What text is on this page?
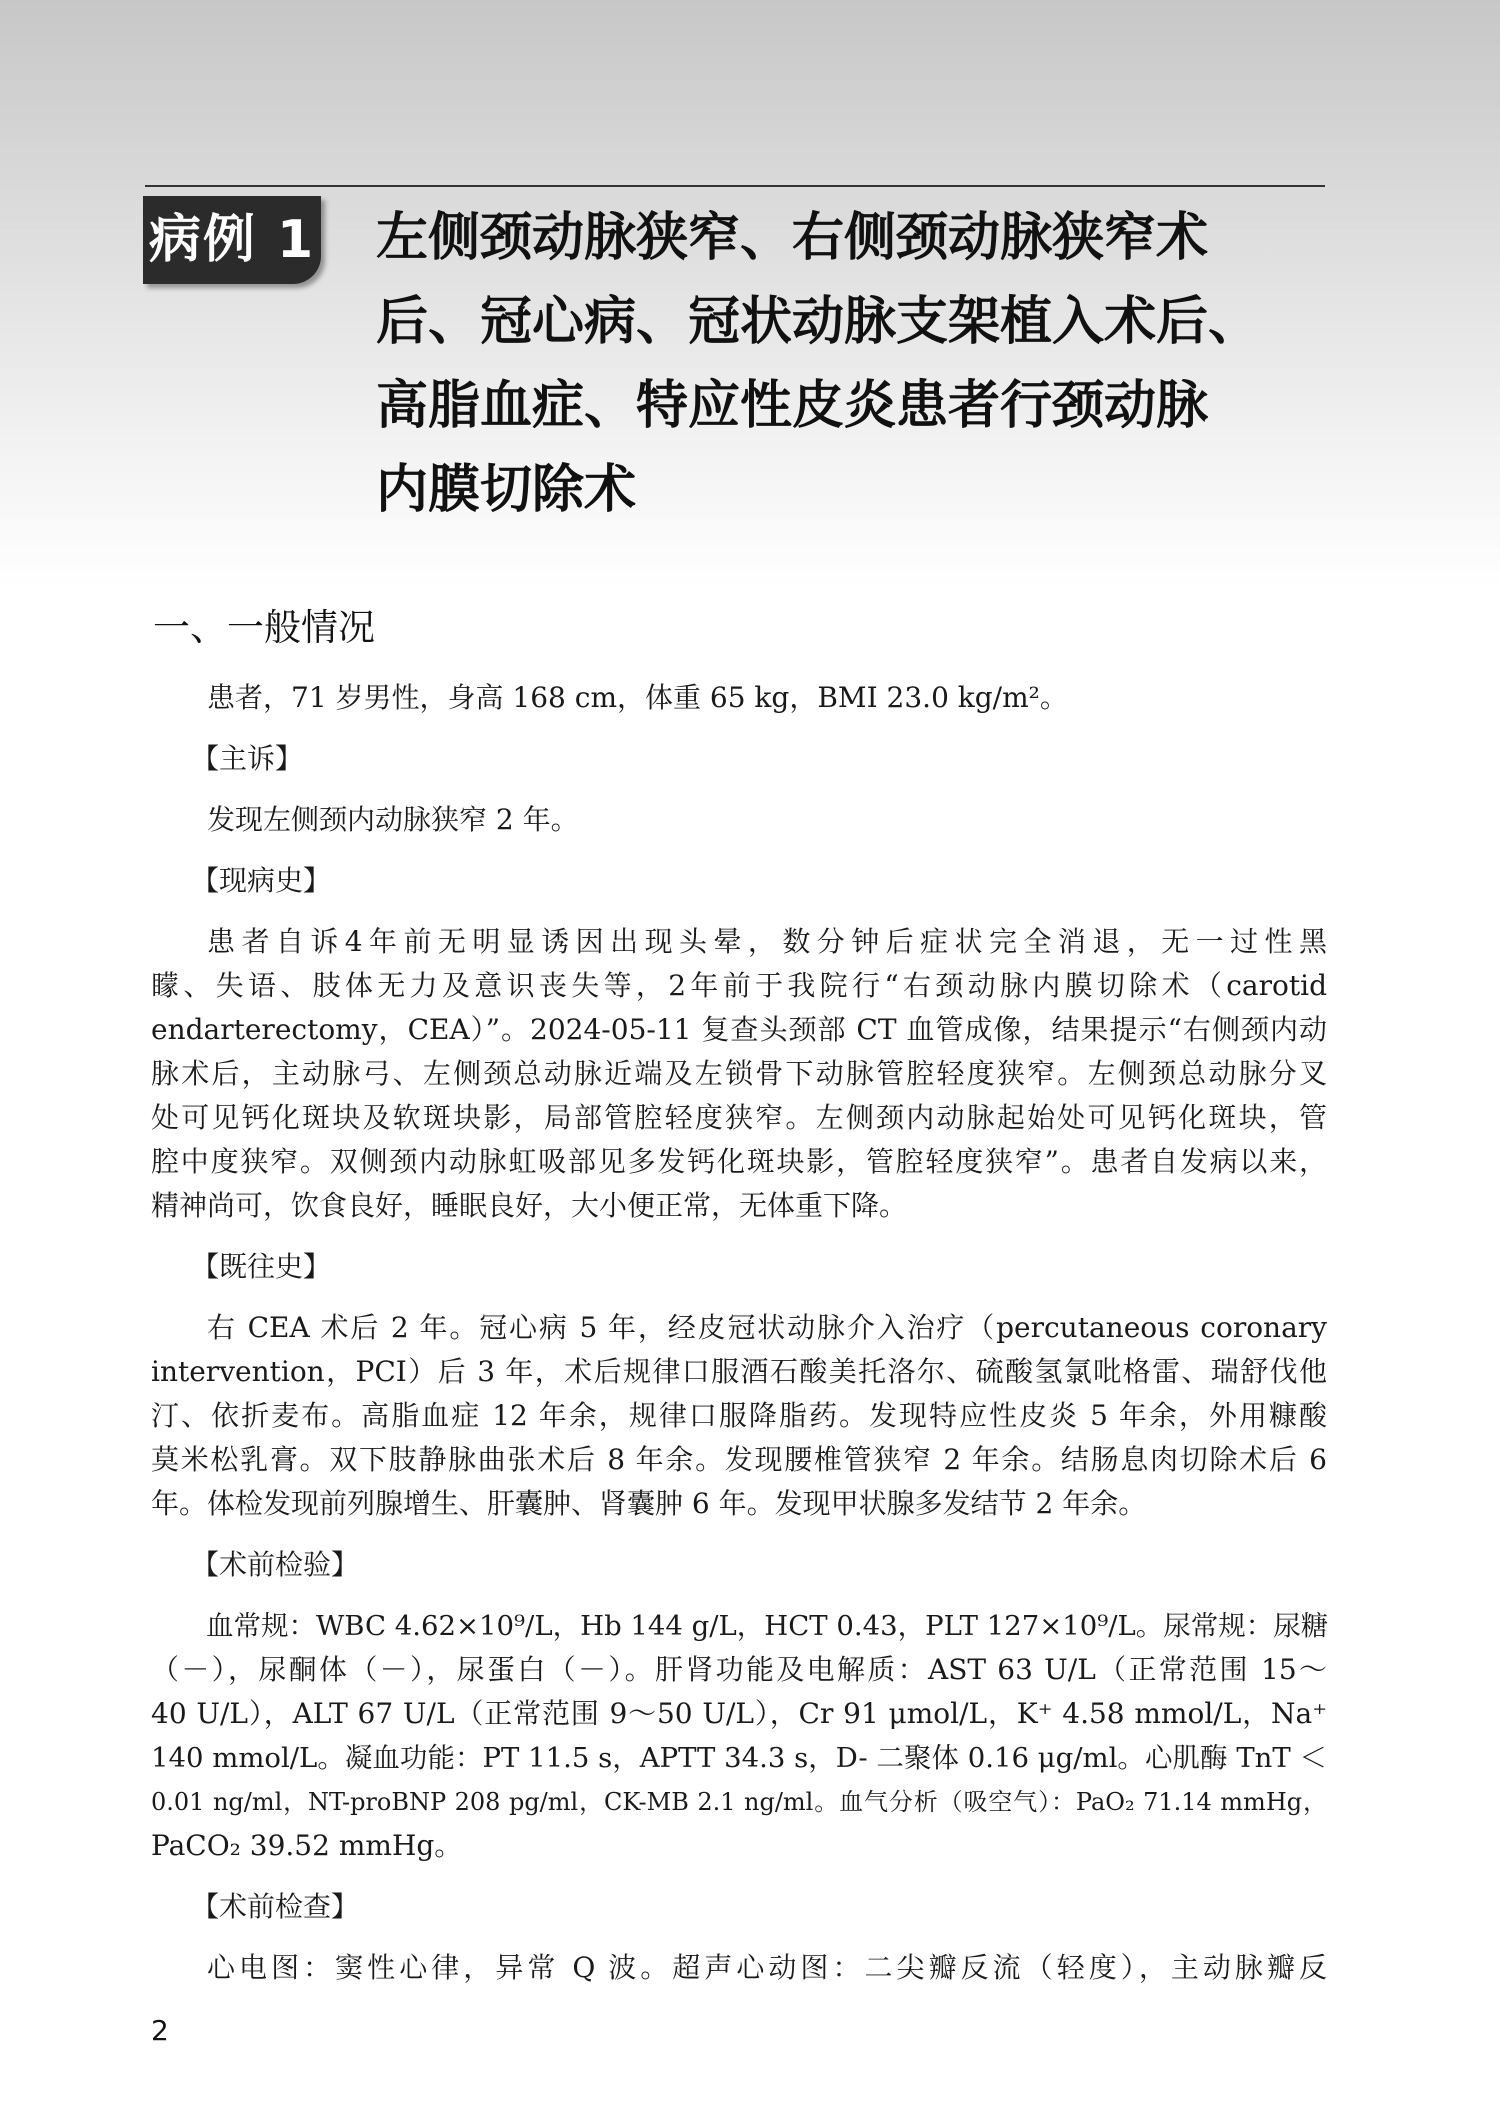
病例 1 左侧颈动脉狭窄、右侧颈动脉狭窄术
后、冠心病、冠状动脉支架植入术后、
高脂血症、特应性皮炎患者行颈动脉
内膜切除术
一、一般情况

患者，71 岁男性，身高 168 cm，体重 65 kg，BMI 23.0 kg/m²。

【主诉】

发现左侧颈内动脉狭窄 2 年。

【现病史】

患者自诉4年前无明显诱因出现头晕，数分钟后症状完全消退，无一过性黑
矇、失语、肢体无力及意识丧失等，2年前于我院行“右颈动脉内膜切除术（carotid
endarterectomy，CEA）”。2024-05-11 复查头颈部 CT 血管成像，结果提示“右侧颈内动
脉术后，主动脉弓、左侧颈总动脉近端及左锁骨下动脉管腔轻度狭窄。左侧颈总动脉分叉
处可见钙化斑块及软斑块影，局部管腔轻度狭窄。左侧颈内动脉起始处可见钙化斑块，管
腔中度狭窄。双侧颈内动脉虹吸部见多发钙化斑块影，管腔轻度狭窄”。患者自发病以来，
精神尚可，饮食良好，睡眠良好，大小便正常，无体重下降。

【既往史】

右 CEA 术后 2 年。冠心病 5 年，经皮冠状动脉介入治疗（percutaneous coronary
intervention，PCI）后 3 年，术后规律口服酒石酸美托洛尔、硫酸氢氯吡格雷、瑞舒伐他
汀、依折麦布。高脂血症 12 年余，规律口服降脂药。发现特应性皮炎 5 年余，外用糠酸
莫米松乳膏。双下肢静脉曲张术后 8 年余。发现腰椎管狭窄 2 年余。结肠息肉切除术后 6
年。体检发现前列腺增生、肝囊肿、肾囊肿 6 年。发现甲状腺多发结节 2 年余。

【术前检验】

血常规：WBC 4.62×10⁹/L，Hb 144 g/L，HCT 0.43，PLT 127×10⁹/L。尿常规：尿糖
（－），尿酮体（－），尿蛋白（－）。肝肾功能及电解质：AST 63 U/L（正常范围 15～
40 U/L），ALT 67 U/L（正常范围 9～50 U/L），Cr 91 μmol/L，K⁺ 4.58 mmol/L，Na⁺
140 mmol/L。凝血功能：PT 11.5 s，APTT 34.3 s，D- 二聚体 0.16 μg/ml。心肌酶 TnT ＜
0.01 ng/ml，NT-proBNP 208 pg/ml，CK-MB 2.1 ng/ml。血气分析（吸空气）：PaO₂ 71.14 mmHg，
PaCO₂ 39.52 mmHg。

【术前检查】

心电图：窦性心律，异常 Q 波。超声心动图：二尖瓣反流（轻度），主动脉瓣反

2
